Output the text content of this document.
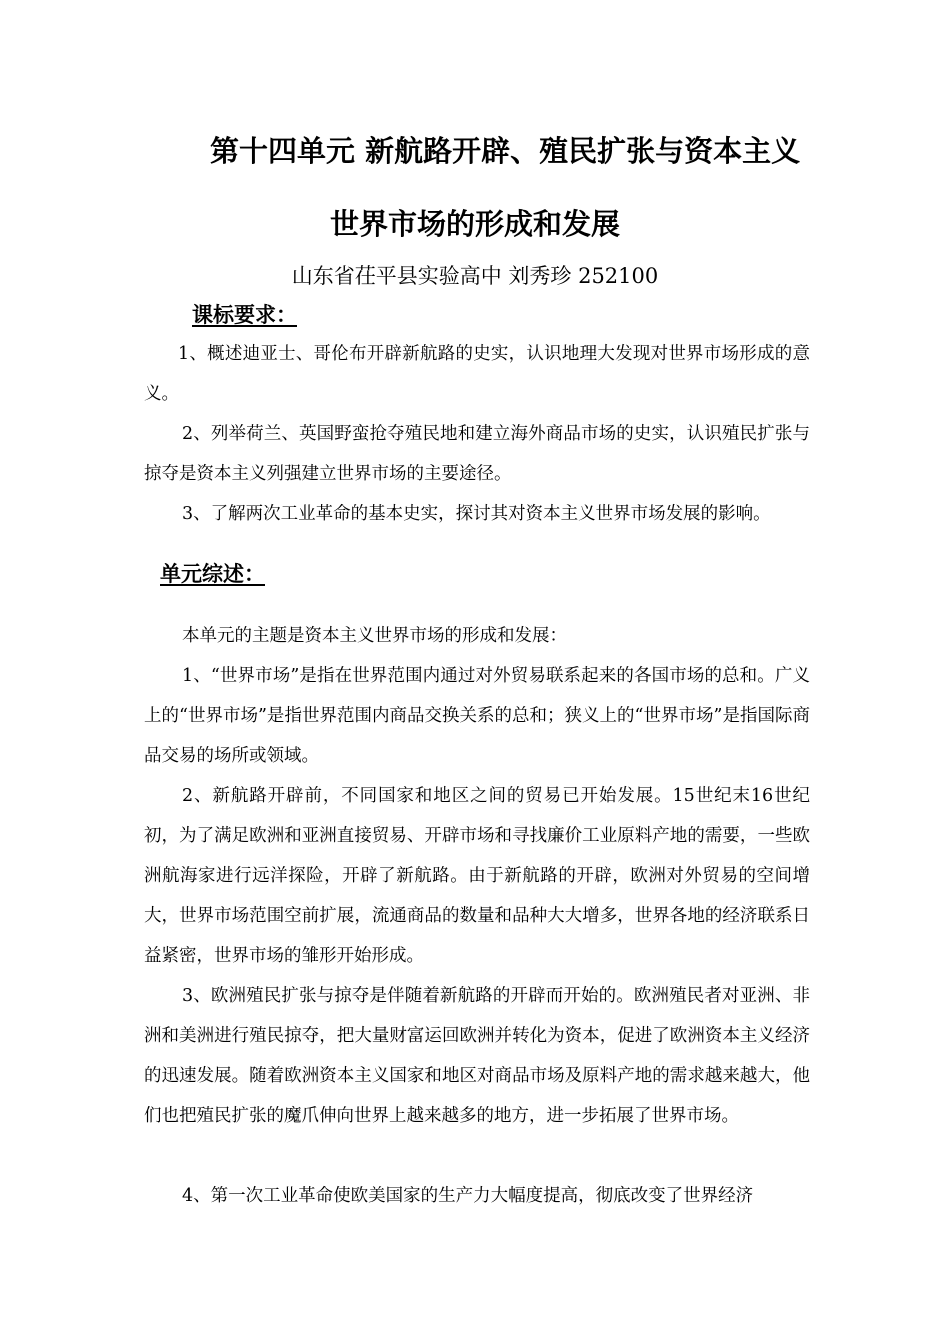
第十四单元 新航路开辟、殖民扩张与资本主义
世界市场的形成和发展
山东省茌平县实验高中 刘秀珍 252100
课标要求：
1、概述迪亚士、哥伦布开辟新航路的史实，认识地理大发现对世界市场形成的意义。
2、列举荷兰、英国野蛮抢夺殖民地和建立海外商品市场的史实，认识殖民扩张与掠夺是资本主义列强建立世界市场的主要途径。
3、了解两次工业革命的基本史实，探讨其对资本主义世界市场发展的影响。
单元综述：
本单元的主题是资本主义世界市场的形成和发展：
1、“世界市场”是指在世界范围内通过对外贸易联系起来的各国市场的总和。广义上的“世界市场”是指世界范围内商品交换关系的总和；狭义上的“世界市场”是指国际商品交易的场所或领域。
2、新航路开辟前，不同国家和地区之间的贸易已开始发展。15世纪末16世纪初，为了满足欧洲和亚洲直接贸易、开辟市场和寻找廉价工业原料产地的需要，一些欧洲航海家进行远洋探险，开辟了新航路。由于新航路的开辟，欧洲对外贸易的空间增大，世界市场范围空前扩展，流通商品的数量和品种大大增多，世界各地的经济联系日益紧密，世界市场的雏形开始形成。
3、欧洲殖民扩张与掠夺是伴随着新航路的开辟而开始的。欧洲殖民者对亚洲、非洲和美洲进行殖民掠夺，把大量财富运回欧洲并转化为资本，促进了欧洲资本主义经济的迅速发展。随着欧洲资本主义国家和地区对商品市场及原料产地的需求越来越大，他们也把殖民扩张的魔爪伸向世界上越来越多的地方，进一步拓展了世界市场。
4、第一次工业革命使欧美国家的生产力大幅度提高，彻底改变了世界经济
